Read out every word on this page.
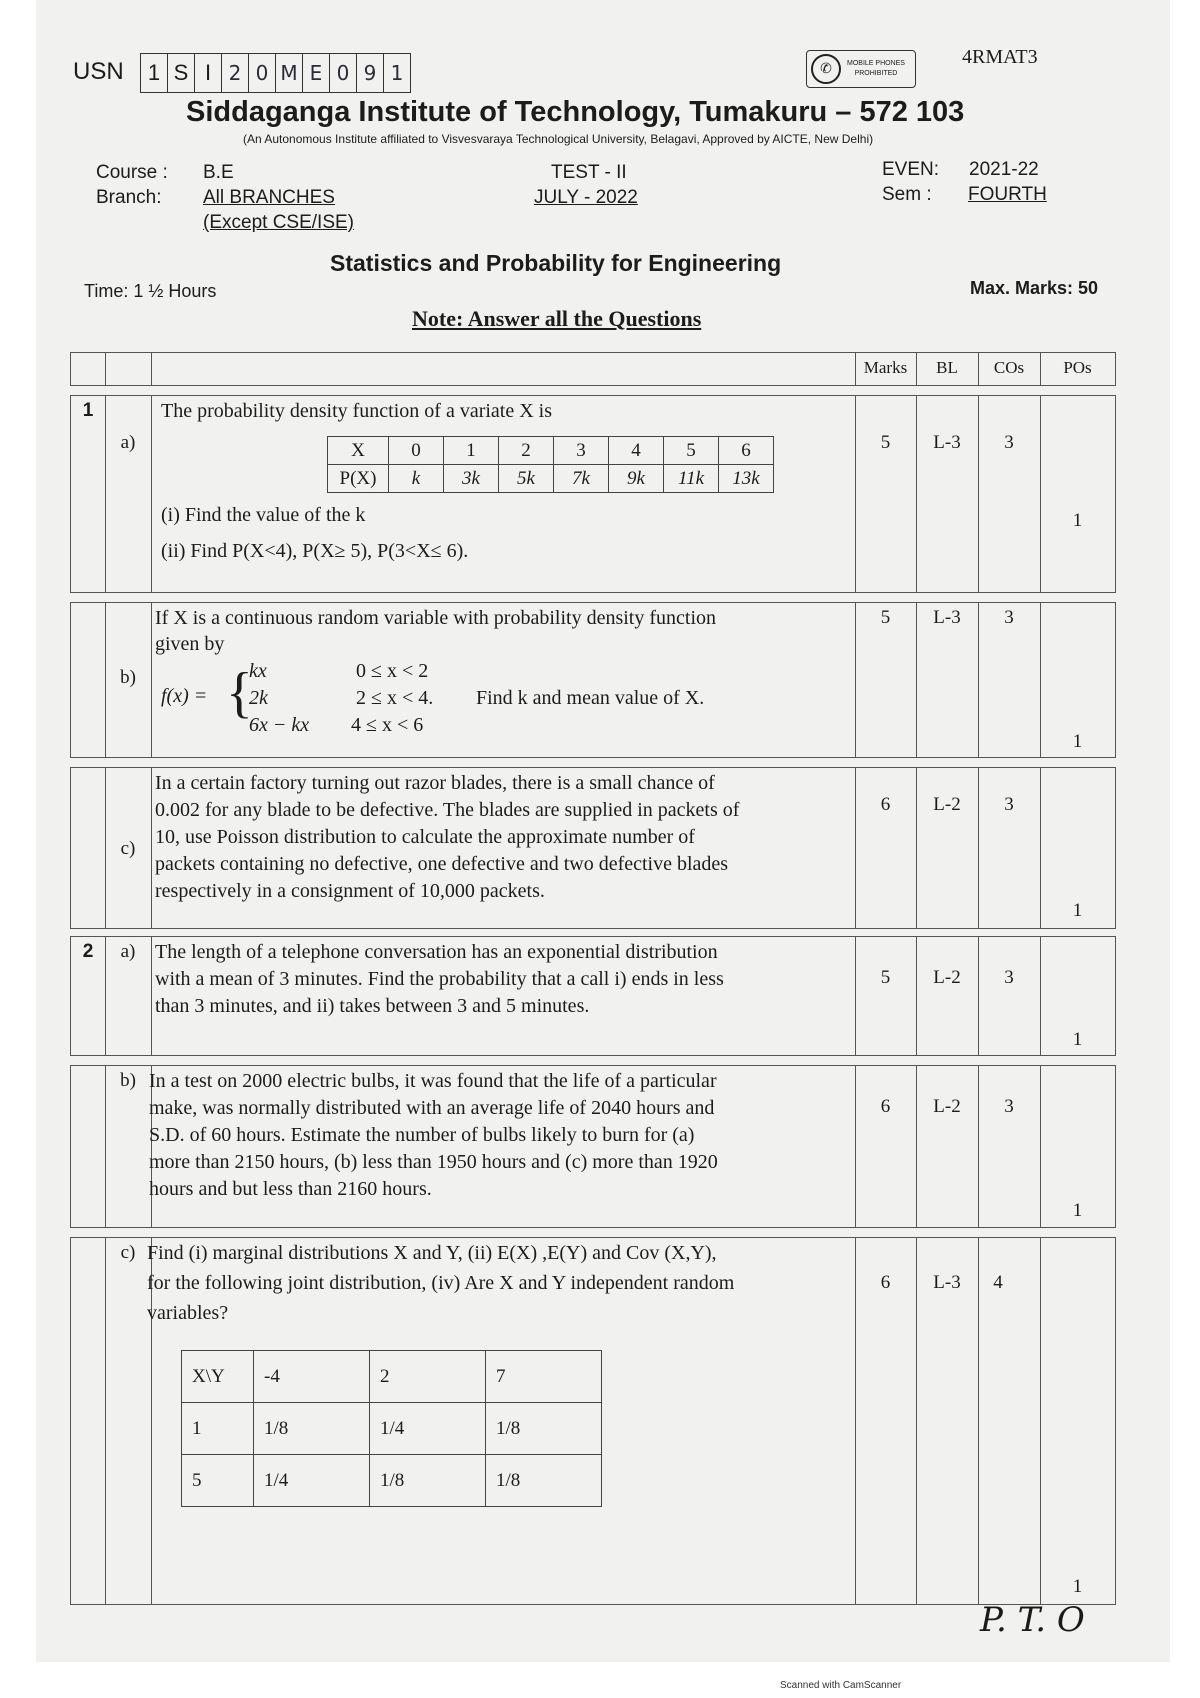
USN	1 S I 2 0 M E 0 9 1	✆	MOBILE PHONES
PROHIBITED
4RMAT3
Siddaganga Institute of Technology, Tumakuru – 572 103
(An Autonomous Institute affiliated to Visvesvaraya Technological University, Belagavi, Approved by AICTE, New Delhi)
Course : B.E
Branch: All BRANCHES
(Except CSE/ISE)
TEST - II
JULY - 2022
EVEN: 2021-22
Sem : FOURTH
Statistics and Probability for Engineering
Time: 1 ½ Hours	Max. Marks: 50
Note: Answer all the Questions
Marks	BL	COs	POs
1
a)
The probability density function of a variate X is
X	0	1	2	3	4	5	6
P(X)	k	3k	5k	7k	9k	11k	13k
(i) Find the value of the k
(ii) Find P(X<4), P(X≥ 5), P(3<X≤ 6).
5	L-3	3
1
b)
If X is a continuous random variable with probability density function
given by
f(x) = {
kx	0 ≤ x < 2
2k	2 ≤ x < 4. Find k and mean value of X.
6x − kx 4 ≤ x < 6
5	L-3	3
1
c)
In a certain factory turning out razor blades, there is a small chance of
0.002 for any blade to be defective. The blades are supplied in packets of
10, use Poisson distribution to calculate the approximate number of
packets containing no defective, one defective and two defective blades
respectively in a consignment of 10,000 packets.
6	L-2	3
1
2	a) The length of a telephone conversation has an exponential distribution
with a mean of 3 minutes. Find the probability that a call i) ends in less
than 3 minutes, and ii) takes between 3 and 5 minutes.
5	L-2	3
1
b) In a test on 2000 electric bulbs, it was found that the life of a particular
make, was normally distributed with an average life of 2040 hours and
S.D. of 60 hours. Estimate the number of bulbs likely to burn for (a)
more than 2150 hours, (b) less than 1950 hours and (c) more than 1920
hours and but less than 2160 hours.
6	L-2	3
1
c) Find (i) marginal distributions X and Y, (ii) E(X) ,E(Y) and Cov (X,Y),
for the following joint distribution, (iv) Are X and Y independent random
variables?
X\Y	-4	2	7
1	1/8	1/4	1/8
5	1/4	1/8	1/8
6	L-3	4
1
P. T. O
Scanned with CamScanner
